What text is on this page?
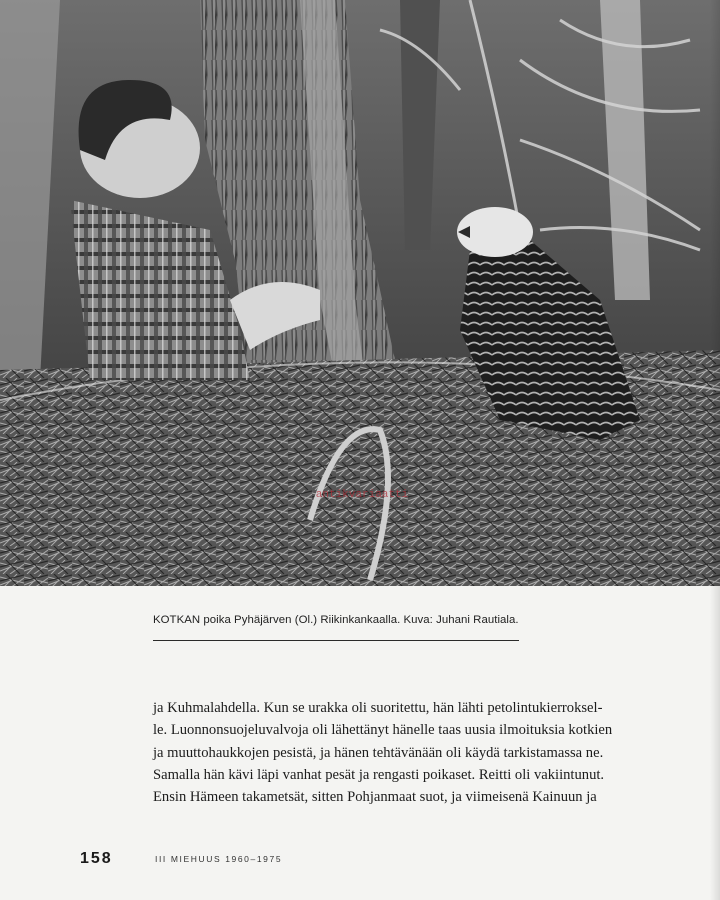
antikvariaatti
KOTKAN poika Pyhäjärven (Ol.) Riikinkankaalla. Kuva: Juhani Rautiala.
ja Kuhmalahdella. Kun se urakka oli suoritettu, hän lähti petolintukierroksel-
le. Luonnonsuojeluvalvoja oli lähettänyt hänelle taas uusia ilmoituksia kotkien
ja muuttohaukkojen pesistä, ja hänen tehtävänään oli käydä tarkistamassa ne.
Samalla hän kävi läpi vanhat pesät ja rengasti poikaset. Reitti oli vakiintunut.
Ensin Hämeen takametsät, sitten Pohjanmaat suot, ja viimeisenä Kainuun ja
158	III MIEHUUS 1960–1975
